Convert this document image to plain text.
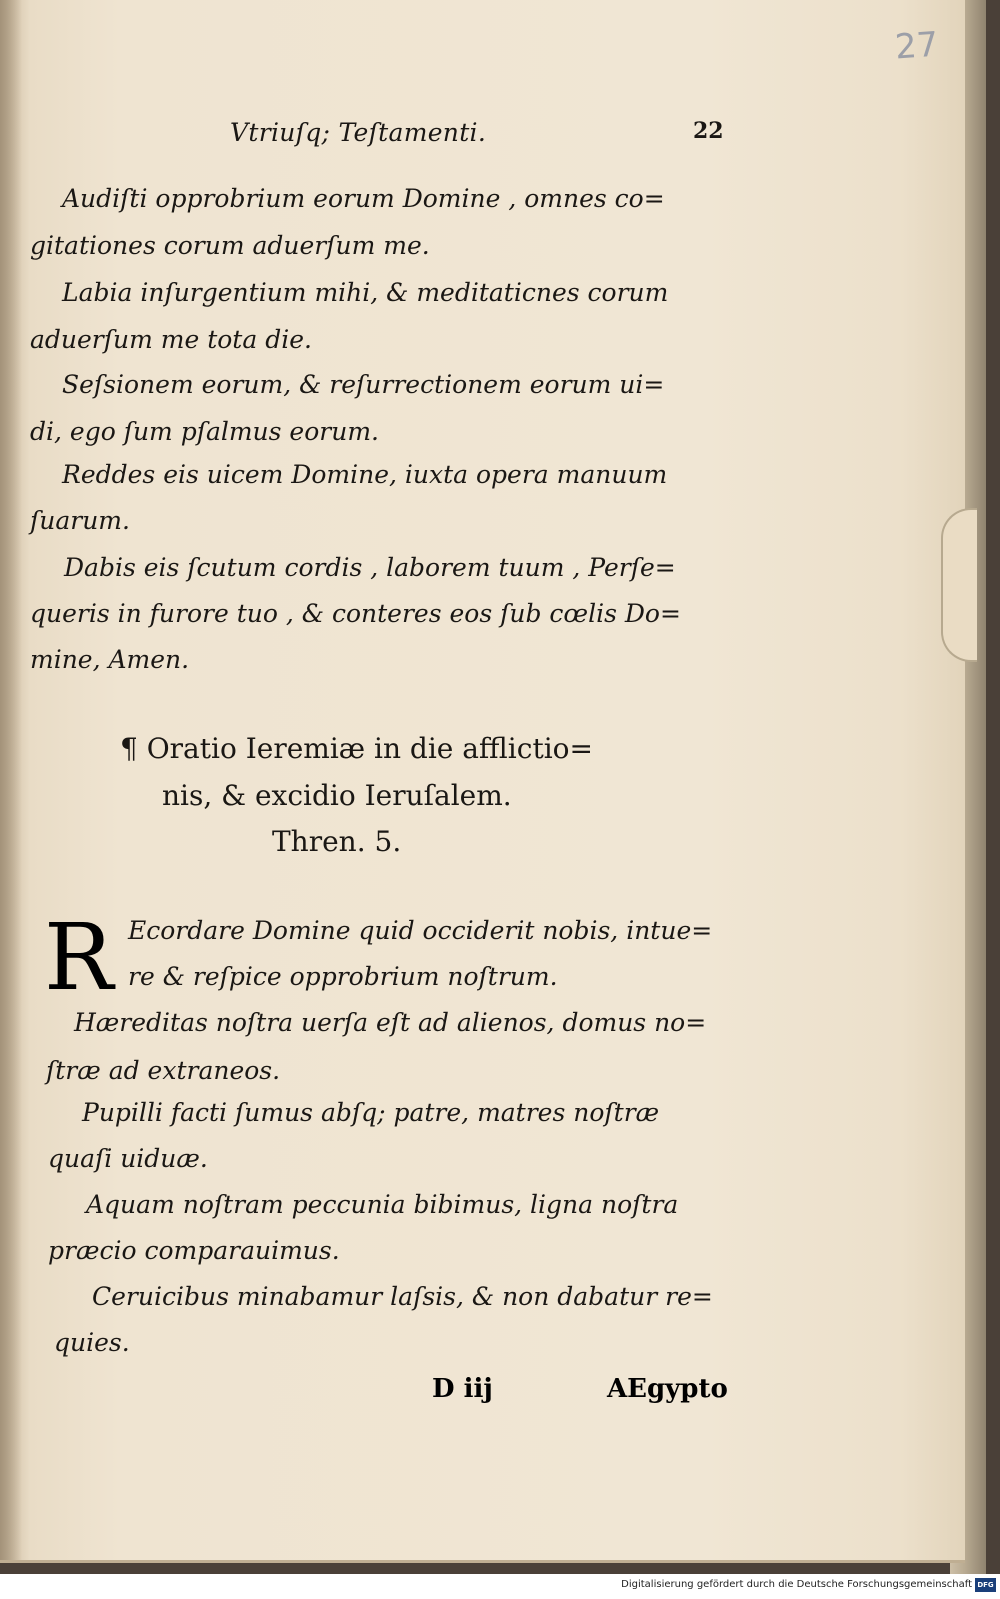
27
Vtriuſq; Teſtamenti.	22
Audiſti opprobrium eorum Domine , omnes co=
gitationes corum aduerſum me.
Labia inſurgentium mihi, & meditaticnes corum
aduerſum me tota die.
Seſsionem eorum, & reſurrectionem eorum ui=
di, ego ſum pſalmus eorum.
Reddes eis uicem Domine, iuxta opera manuum
ſuarum.
Dabis eis ſcutum cordis , laborem tuum , Perſe=
queris in furore tuo , & conteres eos ſub cœlis Do=
mine, Amen.
¶ Oratio Ieremiæ in die afflictio=
nis, & excidio Ieruſalem.
Thren. 5.
Ecordare Domine quid occiderit nobis, intue=
re & reſpice opprobrium noſtrum.
Hæreditas noſtra uerſa eſt ad alienos, domus no=
ſtræ ad extraneos.
Pupilli facti ſumus abſq; patre, matres noſtræ
quaſi uiduæ.
Aquam noſtram peccunia bibimus, ligna noſtra
præcio comparauimus.
Ceruicibus minabamur laſsis, & non dabatur re=
quies.
R
D iij	AEgypto
Digitalisierung gefördert durch die Deutsche Forschungsgemeinschaft DFG
